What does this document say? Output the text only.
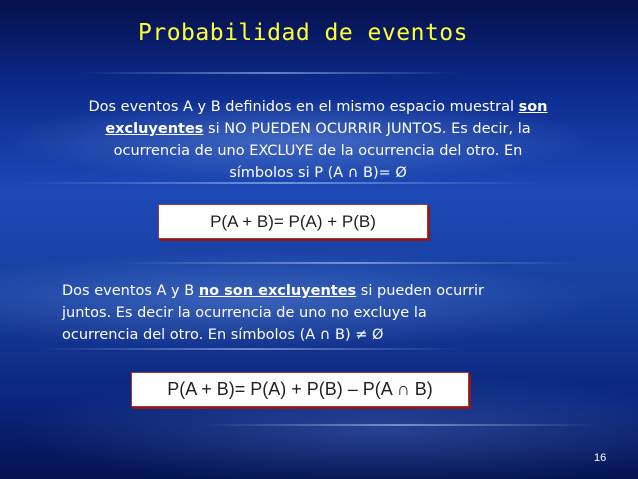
Probabilidad de eventos
Dos eventos A y B definidos en el mismo espacio muestral son
excluyentes si NO PUEDEN OCURRIR JUNTOS. Es decir, la
ocurrencia de uno EXCLUYE de la ocurrencia del otro. En
símbolos si P (A ∩ B)= Ø
P(A + B)= P(A) + P(B)
Dos eventos A y B no son excluyentes si pueden ocurrir
juntos. Es decir la ocurrencia de uno no excluye la
ocurrencia del otro. En símbolos (A ∩ B) ≠ Ø
P(A + B)= P(A) + P(B) – P(A ∩ B)
16
